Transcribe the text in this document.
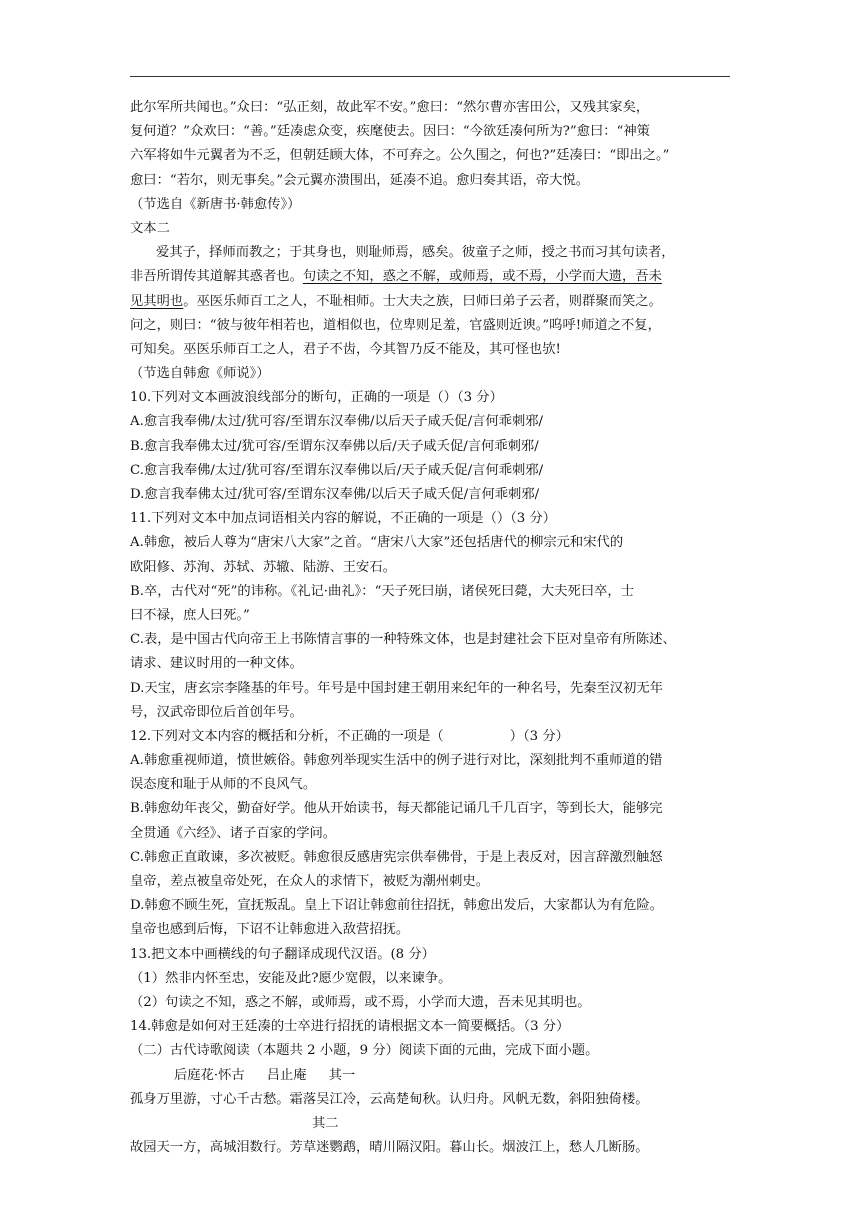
此尔军所共闻也。”众曰：“弘正刻，故此军不安。”愈曰：“然尔曹亦害田公，又残其家矣，
复何道？”众欢曰：“善。”廷凑虑众变，疾麾使去。因曰：“今欲廷凑何所为?”愈曰：“神策
六军将如牛元翼者为不乏，但朝廷顾大体，不可弃之。公久围之，何也?”廷凑曰：“即出之。”
愈曰：“若尔，则无事矣。”会元翼亦溃围出，延凑不追。愈归奏其语，帝大悦。
（节选自《新唐书·韩愈传》）
文本二
爱其子，择师而教之；于其身也，则耻师焉，感矣。彼童子之师，授之书而习其句读者，
非吾所谓传其道解其惑者也。句读之不知，惑之不解，或师焉，或不焉，小学而大遗，吾未
见其明也。巫医乐师百工之人，不耻相师。士大夫之族，曰师曰弟子云者，则群聚而笑之。
问之，则曰：“彼与彼年相若也，道相似也，位卑则足羞，官盛则近谀。”呜呼!师道之不复，
可知矣。巫医乐师百工之人，君子不齿，今其智乃反不能及，其可怪也欤!
（节选自韩愈《师说》）
10.下列对文本画波浪线部分的断句，正确的一项是（）（3 分）
A.愈言我奉佛/太过/犹可容/至谓东汉奉佛/以后天子咸夭促/言何乖刺邪/
B.愈言我奉佛太过/犹可容/至谓东汉奉佛以后/天子咸夭促/言何乖刺邪/
C.愈言我奉佛/太过/犹可容/至谓东汉奉佛以后/天子咸夭促/言何乖刺邪/
D.愈言我奉佛太过/犹可容/至谓东汉奉佛/以后天子咸夭促/言何乖刺邪/
11.下列对文本中加点词语相关内容的解说，不正确的一项是（）（3 分）
A.韩愈，被后人尊为“唐宋八大家”之首。“唐宋八大家”还包括唐代的柳宗元和宋代的
欧阳修、苏洵、苏轼、苏辙、陆游、王安石。
B.卒，古代对“死”的讳称。《礼记·曲礼》：“天子死曰崩，诸侯死曰薨，大夫死曰卒，士
曰不禄，庶人曰死。”
C.表，是中国古代向帝王上书陈情言事的一种特殊文体，也是封建社会下臣对皇帝有所陈述、
请求、建议时用的一种文体。
D.天宝，唐玄宗李隆基的年号。年号是中国封建王朝用来纪年的一种名号，先秦至汉初无年
号，汉武帝即位后首创年号。
12.下列对文本内容的概括和分析，不正确的一项是（	）（3 分）
A.韩愈重视师道，愤世嫉俗。韩愈列举现实生活中的例子进行对比，深刻批判不重师道的错
误态度和耻于从师的不良风气。
B.韩愈幼年丧父，勤奋好学。他从开始读书，每天都能记诵几千几百字，等到长大，能够完
全贯通《六经》、诸子百家的学问。
C.韩愈正直敢谏，多次被贬。韩愈很反感唐宪宗供奉佛骨，于是上表反对，因言辞激烈触怒
皇帝，差点被皇帝处死，在众人的求情下，被贬为潮州刺史。
D.韩愈不顾生死，宣抚叛乱。皇上下诏让韩愈前往招抚，韩愈出发后，大家都认为有危险。
皇帝也感到后悔，下诏不让韩愈进入敌营招抚。
13.把文本中画横线的句子翻译成现代汉语。(8 分）
（1）然非内怀至忠，安能及此?愿少宽假，以来谏争。
（2）句读之不知，惑之不解，或师焉，或不焉，小学而大遗，吾未见其明也。
14.韩愈是如何对王廷凑的士卒进行招抚的请根据文本一简要概括。（3 分）
（二）古代诗歌阅读（本题共 2 小题，9 分）阅读下面的元曲，完成下面小题。
后庭花·怀古 吕止庵 其一
孤身万里游，寸心千古愁。霜落吴江冷，云高楚甸秋。认归舟。风帆无数，斜阳独倚楼。
其二
故园天一方，高城泪数行。芳草迷鹦鹉，晴川隔汉阳。暮山长。烟波江上，愁人几断肠。
